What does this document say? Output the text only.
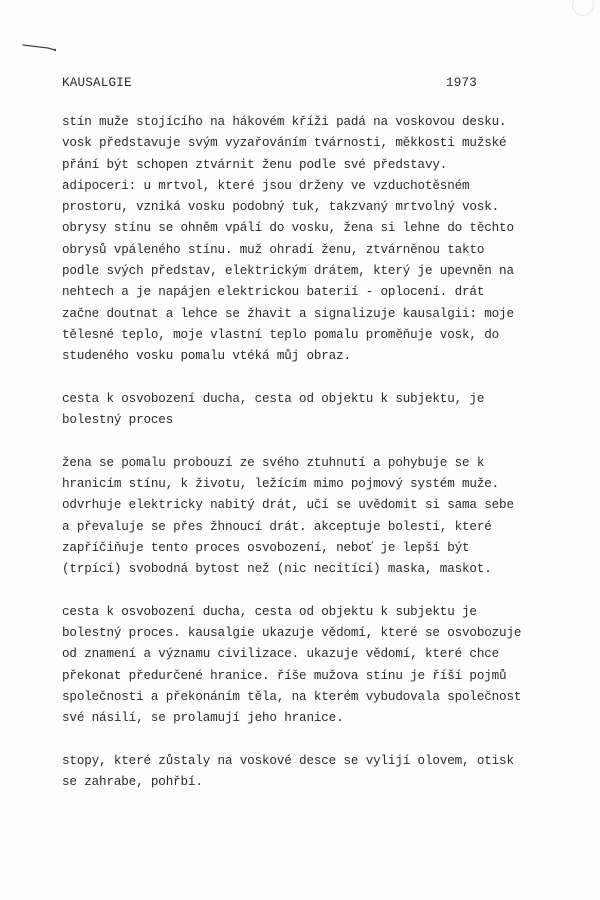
KAUSALGIE	1973
stín muže stojícího na hákovém kříži padá na voskovou desku.
vosk představuje svým vyzařováním tvárnosti, měkkosti mužské
přání být schopen ztvárnit ženu podle své představy.
adipoceri: u mrtvol, které jsou drženy ve vzduchotěsném
prostoru, vzniká vosku podobný tuk, takzvaný mrtvolný vosk.
obrysy stínu se ohněm vpálí do vosku, žena si lehne do těchto
obrysů vpáleného stínu. muž ohradí ženu, ztvárněnou takto
podle svých představ, elektrickým drátem, který je upevněn na
nehtech a je napájen elektrickou baterií - oplocení. drát
začne doutnat a lehce se žhavit a signalizuje kausalgii: moje
tělesné teplo, moje vlastní teplo pomalu proměňuje vosk, do
studeného vosku pomalu vtéká můj obraz.
cesta k osvobození ducha, cesta od objektu k subjektu, je
bolestný proces
žena se pomalu probouzí ze svého ztuhnutí a pohybuje se k
hranicím stínu, k životu, ležícím mimo pojmový systém muže.
odvrhuje elektricky nabitý drát, učí se uvědomit si sama sebe
a převaluje se přes žhnoucí drát. akceptuje bolesti, které
zapříčiňuje tento proces osvobození, neboť je lepší být
(trpící) svobodná bytost než (nic necítící) maska, maskot.
cesta k osvobození ducha, cesta od objektu k subjektu je
bolestný proces. kausalgie ukazuje vědomí, které se osvobozuje
od znamení a významu civilizace. ukazuje vědomí, které chce
překonat předurčené hranice. říše mužova stínu je říší pojmů
společnosti a překonáním těla, na kterém vybudovala společnost
své násilí, se prolamují jeho hranice.
stopy, které zůstaly na voskové desce se vylijí olovem, otisk
se zahrabe, pohřbí.
